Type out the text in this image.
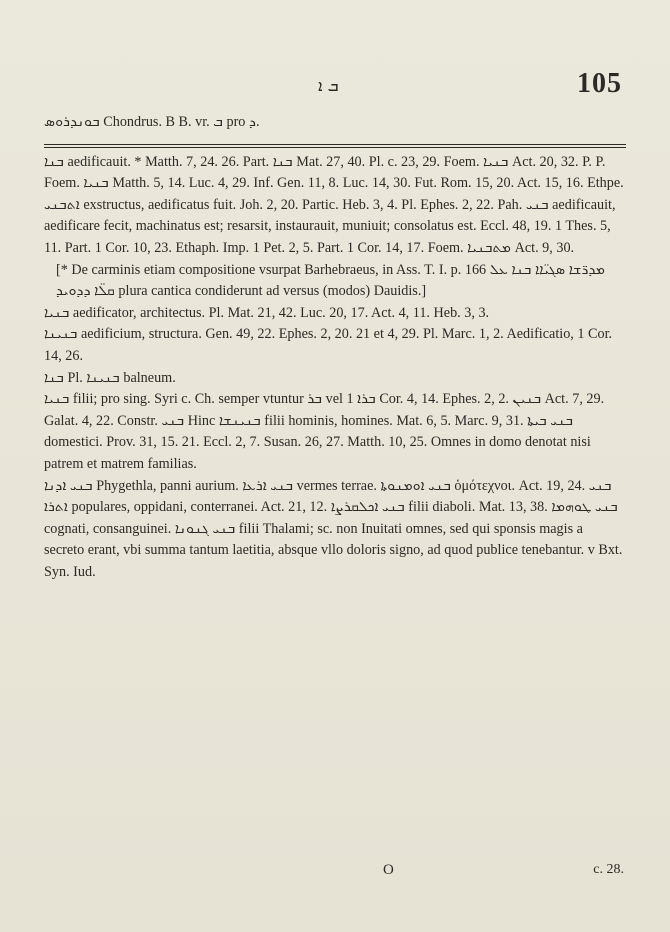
ܒ ܐ	105

ܒܘܢܕܪܘܣ Chondrus. B B. vr. ܒ pro ܕ.

ܒܢܐ aedificauit. * Matth. 7, 24. 26. Part. ܒܢܐ Mat. 27, 40. Pl. c. 23, 29. Foem. ܒܢܝܐ Act. 20, 32. P. P. Foem. ܒܢܝܐ Matth. 5, 14. Luc. 4, 29. Inf. Gen. 11, 8. Luc. 14, 30. Fut. Rom. 15, 20. Act. 15, 16. Ethpe. ܐܬܒܢܝ exstructus, aedificatus fuit. Joh. 2, 20. Partic. Heb. 3, 4. Pl. Ephes. 2, 22. Pah. ܒܢܝ aedificauit, aedificare fecit, machinatus est; resarsit, instaurauit, muniuit; consolatus est. Eccl. 48, 19. 1 Thes. 5, 11. Part. 1 Cor. 10, 23. Ethaph. Imp. 1 Pet. 2, 5. Part. 1 Cor. 14, 17. Foem. ܡܬܒܢܝܐ Act. 9, 30.

[* De carminis etiam compositione vsurpat Barhebraeus, in Ass. T. I. p. 166 ܡܕܪ̈ܫܐ ܣܓܝ̈ܐܐ ܒܢܐ ܥܠ ܩܠ̈ܐ ܕܕܘܝܕ plura cantica condiderunt ad versus (modos) Dauidis.]

ܒܢܝܐ aedificator, architectus. Pl. Mat. 21, 42. Luc. 20, 17. Act. 4, 11. Heb. 3, 3.

ܒܢܝܢܐ aedificium, structura. Gen. 49, 22. Ephes. 2, 20. 21 et 4, 29. Pl. Marc. 1, 2. Aedificatio, 1 Cor. 14, 26.

ܒܢܐ Pl. ܒܢܝܢܐ balneum.

ܒܢܝܐ filii; pro sing. Syri c. Ch. semper vtuntur ܒܪ vel ܒܪܐ 1 Cor. 4, 14. Ephes. 2, 2. ܒܢܝܢ Act. 7, 29. Galat. 4, 22. Constr. ܒܢܝ Hinc ܒܢܝܢܫܐ filii hominis, homines. Mat. 6, 5. Marc. 9, 31. ܒܢܝ ܒܝܬܐ domestici. Prov. 31, 15. 21. Eccl. 2, 7. Susan. 26, 27. Matth. 10, 25. Omnes in domo denotat nisi patrem et matrem familias.

ܒܢܝ ܐܕܢܐ Phygethla, panni aurium. ܒܢܝ ܐܪܥܐ vermes terrae. ܒܢܝ ܐܘܡܢܘܬܐ ὁμότεχνοι. Act. 19, 24. ܒܢܝ ܐܬܪܐ populares, oppidani, conterranei. Act. 21, 12. ܒܢܝ ܐܟܠܩܪܨܐ filii diaboli. Mat. 13, 38. ܒܢܝ ܛܘܗܡܐ cognati, consanguinei. ܒܢܝ ܓܢܘܢܐ filii Thalami; sc. non Inuitati omnes, sed qui sponsis magis a secreto erant, vbi summa tantum laetitia, absque vllo doloris signo, ad quod publice tenebantur. v Bxt. Syn. Iud.

O	c. 28.
